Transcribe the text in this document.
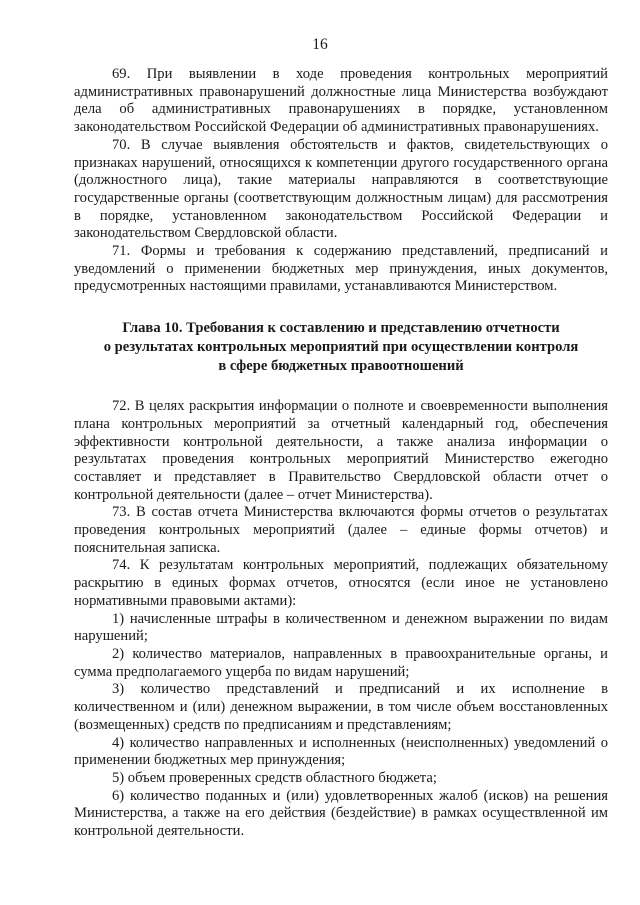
16

69. При выявлении в ходе проведения контрольных мероприятий административных правонарушений должностные лица Министерства возбуждают дела об административных правонарушениях в порядке, установленном законодательством Российской Федерации об административных правонарушениях.

70. В случае выявления обстоятельств и фактов, свидетельствующих о признаках нарушений, относящихся к компетенции другого государственного органа (должностного лица), такие материалы направляются в соответствующие государственные органы (соответствующим должностным лицам) для рассмотрения в порядке, установленном законодательством Российской Федерации и законодательством Свердловской области.

71. Формы и требования к содержанию представлений, предписаний и уведомлений о применении бюджетных мер принуждения, иных документов, предусмотренных настоящими правилами, устанавливаются Министерством.

Глава 10. Требования к составлению и представлению отчетности
о результатах контрольных мероприятий при осуществлении контроля
в сфере бюджетных правоотношений

72. В целях раскрытия информации о полноте и своевременности выполнения плана контрольных мероприятий за отчетный календарный год, обеспечения эффективности контрольной деятельности, а также анализа информации о результатах проведения контрольных мероприятий Министерство ежегодно составляет и представляет в Правительство Свердловской области отчет о контрольной деятельности (далее – отчет Министерства).

73. В состав отчета Министерства включаются формы отчетов о результатах проведения контрольных мероприятий (далее – единые формы отчетов) и пояснительная записка.

74. К результатам контрольных мероприятий, подлежащих обязательному раскрытию в единых формах отчетов, относятся (если иное не установлено нормативными правовыми актами):

1) начисленные штрафы в количественном и денежном выражении по видам нарушений;

2) количество материалов, направленных в правоохранительные органы, и сумма предполагаемого ущерба по видам нарушений;

3) количество представлений и предписаний и их исполнение в количественном и (или) денежном выражении, в том числе объем восстановленных (возмещенных) средств по предписаниям и представлениям;

4) количество направленных и исполненных (неисполненных) уведомлений о применении бюджетных мер принуждения;

5) объем проверенных средств областного бюджета;

6) количество поданных и (или) удовлетворенных жалоб (исков) на решения Министерства, а также на его действия (бездействие) в рамках осуществленной им контрольной деятельности.
